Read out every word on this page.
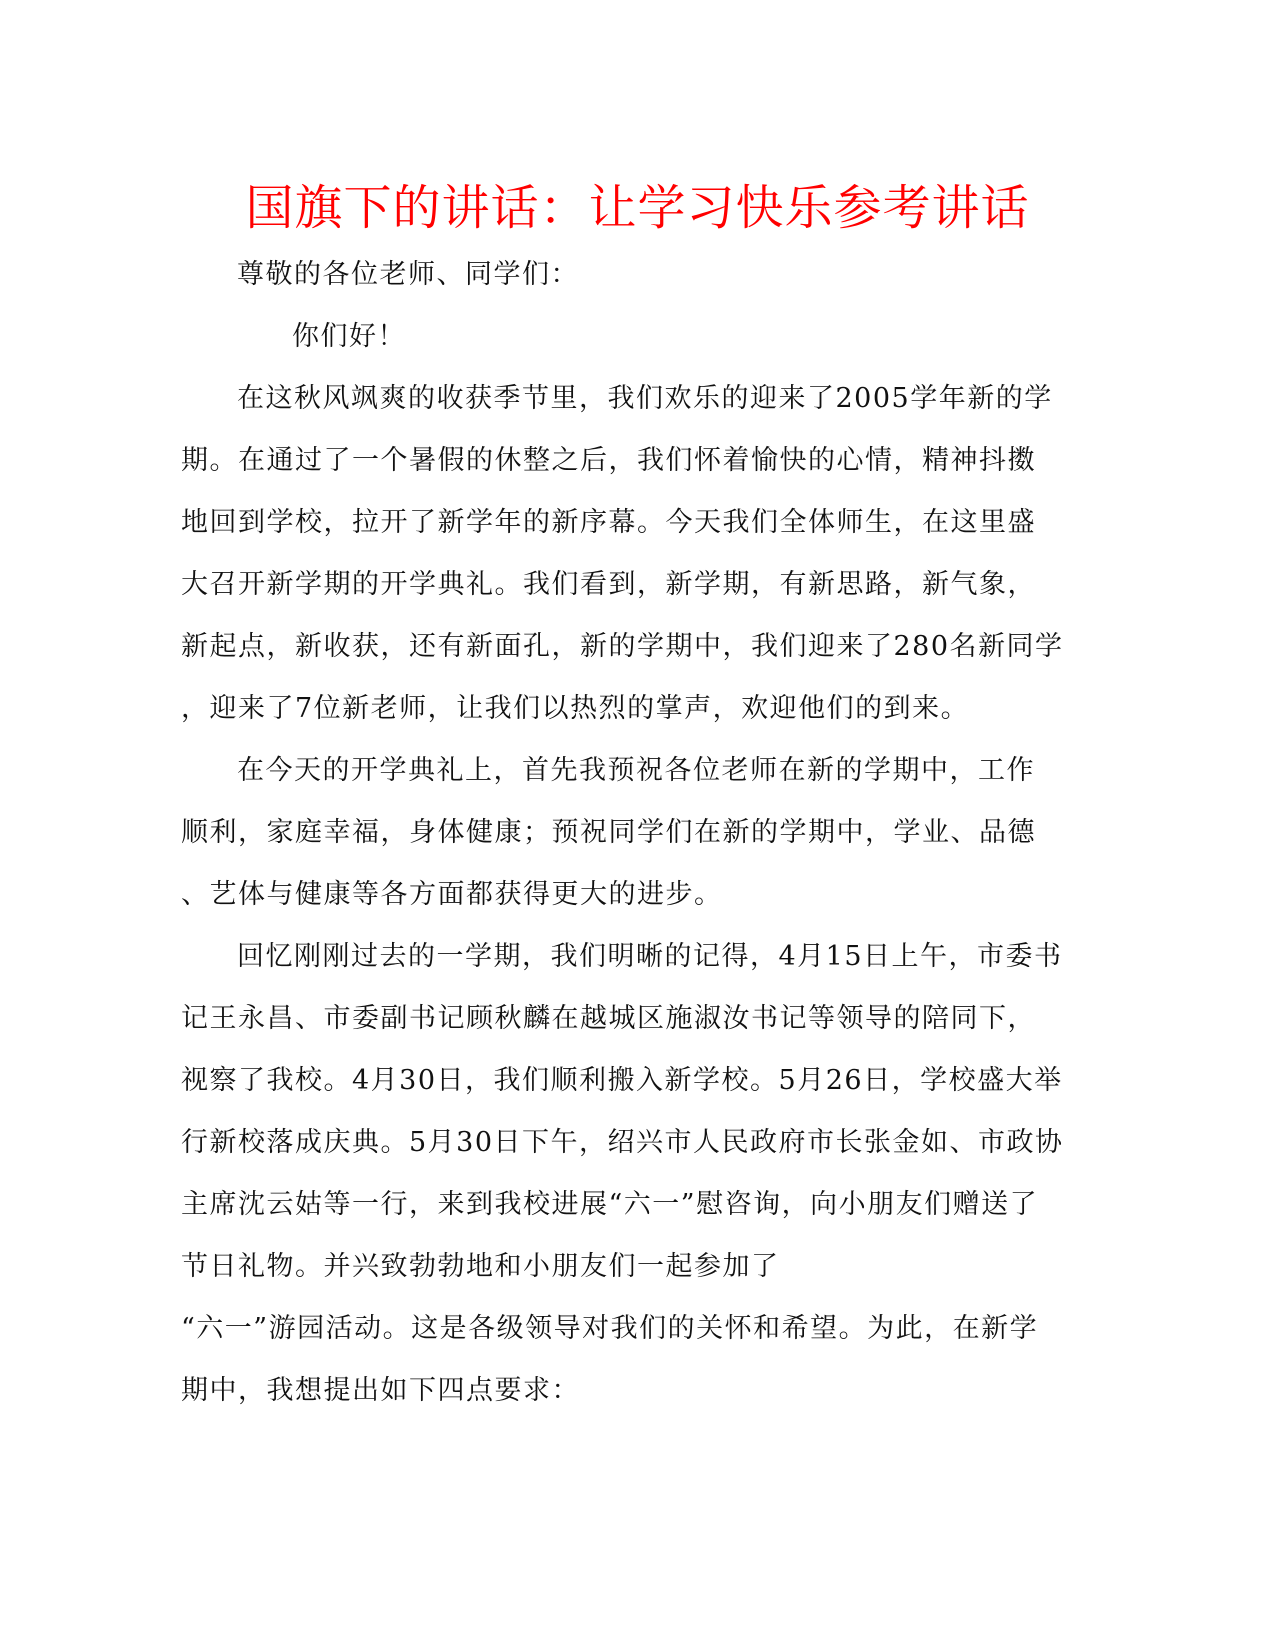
国旗下的讲话：让学习快乐参考讲话
尊敬的各位老师、同学们：
你们好！
在这秋风飒爽的收获季节里，我们欢乐的迎来了2005学年新的学
期。在通过了一个暑假的休整之后，我们怀着愉快的心情，精神抖擞
地回到学校，拉开了新学年的新序幕。今天我们全体师生，在这里盛
大召开新学期的开学典礼。我们看到，新学期，有新思路，新气象，
新起点，新收获，还有新面孔，新的学期中，我们迎来了280名新同学
，迎来了7位新老师，让我们以热烈的掌声，欢迎他们的到来。
在今天的开学典礼上，首先我预祝各位老师在新的学期中，工作
顺利，家庭幸福，身体健康；预祝同学们在新的学期中，学业、品德
、艺体与健康等各方面都获得更大的进步。
回忆刚刚过去的一学期，我们明晰的记得，4月15日上午，市委书
记王永昌、市委副书记顾秋麟在越城区施淑汝书记等领导的陪同下，
视察了我校。4月30日，我们顺利搬入新学校。5月26日，学校盛大举
行新校落成庆典。5月30日下午，绍兴市人民政府市长张金如、市政协
主席沈云姑等一行，来到我校进展“六一”慰咨询，向小朋友们赠送了
节日礼物。并兴致勃勃地和小朋友们一起参加了
“六一”游园活动。这是各级领导对我们的关怀和希望。为此，在新学
期中，我想提出如下四点要求：
